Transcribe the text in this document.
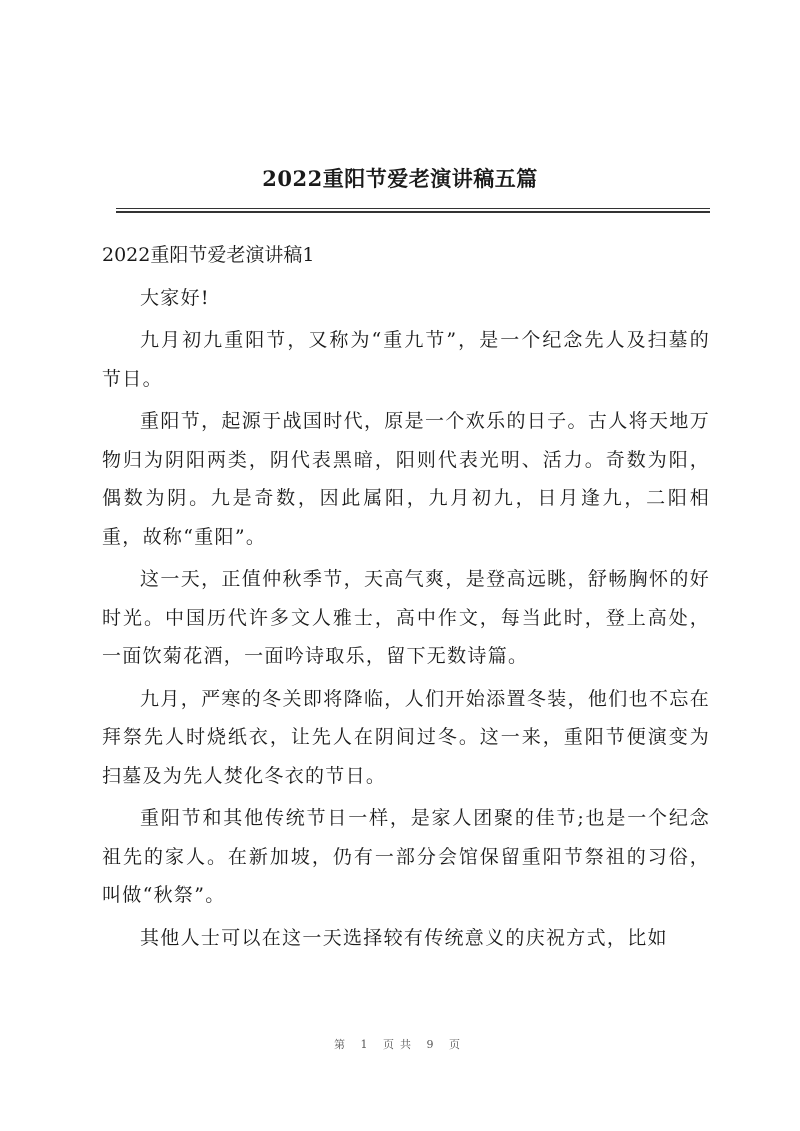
2022重阳节爱老演讲稿五篇
2022重阳节爱老演讲稿1

大家好!

九月初九重阳节，又称为“重九节”，是一个纪念先人及扫墓的节日。

重阳节，起源于战国时代，原是一个欢乐的日子。古人将天地万物归为阴阳两类，阴代表黑暗，阳则代表光明、活力。奇数为阳，偶数为阴。九是奇数，因此属阳，九月初九，日月逢九，二阳相重，故称“重阳”。

这一天，正值仲秋季节，天高气爽，是登高远眺，舒畅胸怀的好时光。中国历代许多文人雅士，高中作文，每当此时，登上高处，一面饮菊花酒，一面吟诗取乐，留下无数诗篇。

九月，严寒的冬关即将降临，人们开始添置冬装，他们也不忘在拜祭先人时烧纸衣，让先人在阴间过冬。这一来，重阳节便演变为扫墓及为先人焚化冬衣的节日。

重阳节和其他传统节日一样，是家人团聚的佳节;也是一个纪念祖先的家人。在新加坡，仍有一部分会馆保留重阳节祭祖的习俗，叫做“秋祭”。

其他人士可以在这一天选择较有传统意义的庆祝方式，比如

第 1 页共 9 页
